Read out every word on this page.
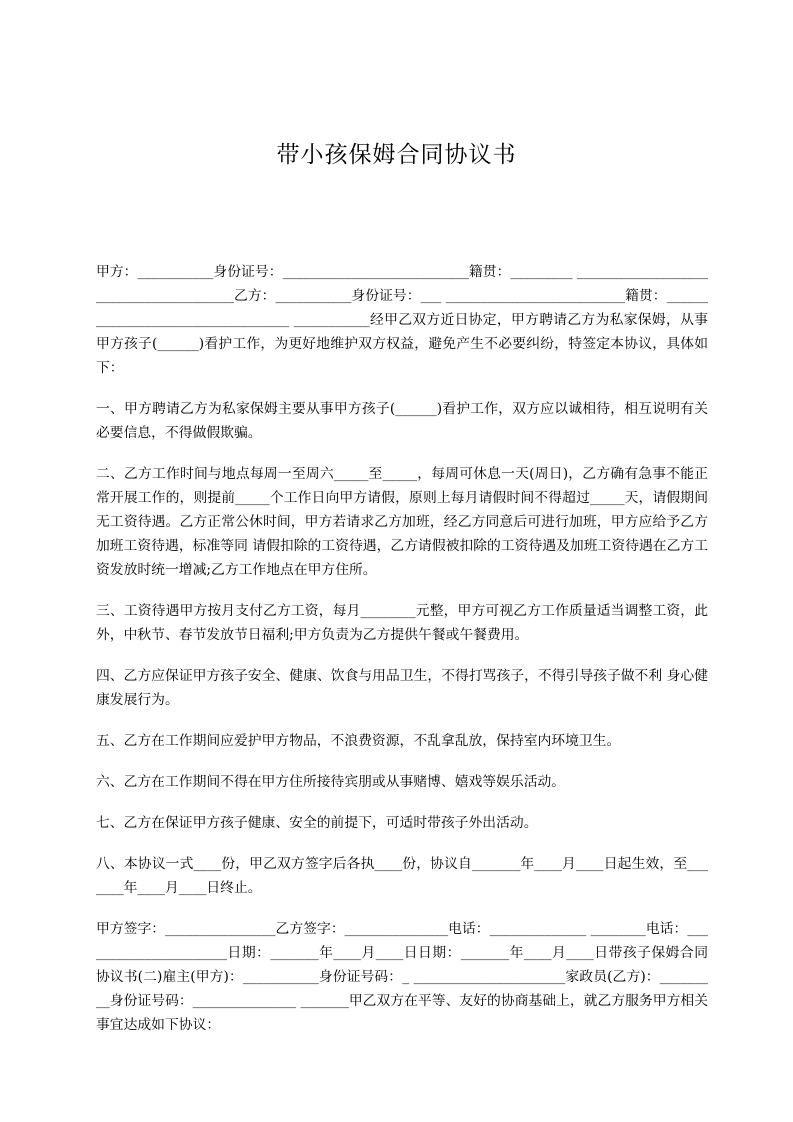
带小孩保姆合同协议书

甲方：___________身份证号：___________________________籍贯：_________ _______________________________________乙方：___________身份证号：___ __________________________籍贯：__________________________________ ___________经甲乙双方近日协定，甲方聘请乙方为私家保姆，从事甲方孩子(______)看护工作，为更好地维护双方权益，避免产生不必要纠纷，特签定本协议，具体如下：

一、甲方聘请乙方为私家保姆主要从事甲方孩子(______)看护工作，双方应以诚相待，相互说明有关必要信息，不得做假欺骗。

二、乙方工作时间与地点每周一至周六_____至_____，每周可休息一天(周日)，乙方确有急事不能正常开展工作的，则提前_____个工作日向甲方请假，原则上每月请假时间不得超过_____天，请假期间无工资待遇。乙方正常公休时间，甲方若请求乙方加班，经乙方同意后可进行加班，甲方应给予乙方加班工资待遇，标准等同 请假扣除的工资待遇，乙方请假被扣除的工资待遇及加班工资待遇在乙方工资发放时统一增减;乙方工作地点在甲方住所。

三、工资待遇甲方按月支付乙方工资，每月________元整，甲方可视乙方工作质量适当调整工资，此外，中秋节、春节发放节日福利;甲方负责为乙方提供午餐或午餐费用。

四、乙方应保证甲方孩子安全、健康、饮食与用品卫生，不得打骂孩子，不得引导孩子做不利 身心健康发展行为。

五、乙方在工作期间应爱护甲方物品，不浪费资源，不乱拿乱放，保持室内环境卫生。

六、乙方在工作期间不得在甲方住所接待宾朋或从事赌博、嬉戏等娱乐活动。

七、乙方在保证甲方孩子健康、安全的前提下，可适时带孩子外出活动。

八、本协议一式____份，甲乙双方签字后各执____份，协议自_______年____月____日起生效，至_______年____月____日终止。

甲方签字：________________乙方签字：_______________电话：______________ ________电话：______________________日期：_______年____月____日日期：_______年____月____日带孩子保姆合同协议书(二)雇主(甲方)：___________身份证号码：_ ______________________家政员(乙方)：_________身份证号码：_______________ _______甲乙双方在平等、友好的协商基础上，就乙方服务甲方相关事宜达成如下协议：
